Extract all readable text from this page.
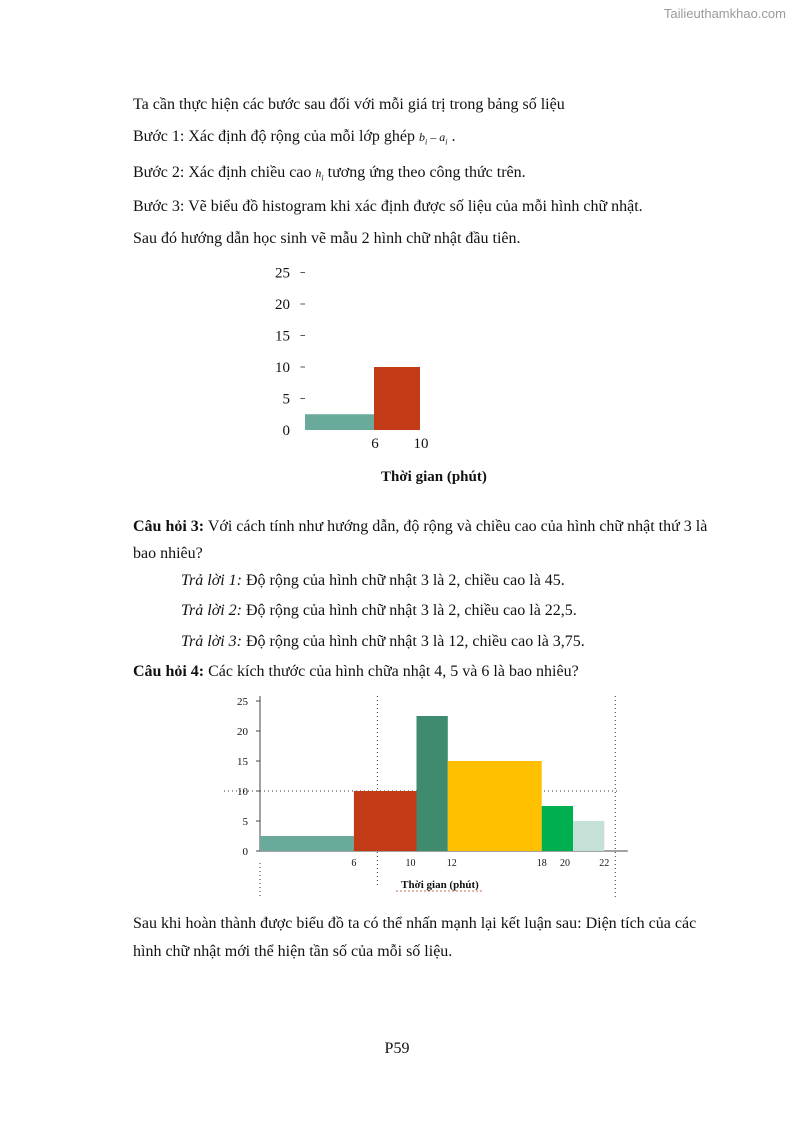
Tailieuthamkhao.com

Ta cần thực hiện các bước sau đối với mỗi giá trị trong bảng số liệu

Bước 1: Xác định độ rộng của mỗi lớp ghép $b_i - a_i$ .

Bước 2: Xác định chiều cao $h_i$ tương ứng theo công thức trên.

Bước 3: Vẽ biểu đồ histogram khi xác định được số liệu của mỗi hình chữ nhật.

Sau đó hướng dẫn học sinh vẽ mẫu 2 hình chữ nhật đầu tiên.

0
5
10
15
20
25
6 10
Thời gian (phút)

Câu hỏi 3: Với cách tính như hướng dẫn, độ rộng và chiều cao của hình chữ nhật thứ 3 là bao nhiêu?

Trả lời 1: Độ rộng của hình chữ nhật 3 là 2, chiều cao là 45.

Trả lời 2: Độ rộng của hình chữ nhật 3 là 2, chiều cao là 22,5.

Trả lời 3: Độ rộng của hình chữ nhật 3 là 12, chiều cao là 3,75.

Câu hỏi 4: Các kích thước của hình chữa nhật 4, 5 và 6 là bao nhiêu?

0
5
10
15
20
25
6	10	12	18 20	22
Thời gian (phút)

Sau khi hoàn thành được biểu đồ ta có thể nhấn mạnh lại kết luận sau: Diện tích của các hình chữ nhật mới thể hiện tần số của mỗi số liệu.

P59
